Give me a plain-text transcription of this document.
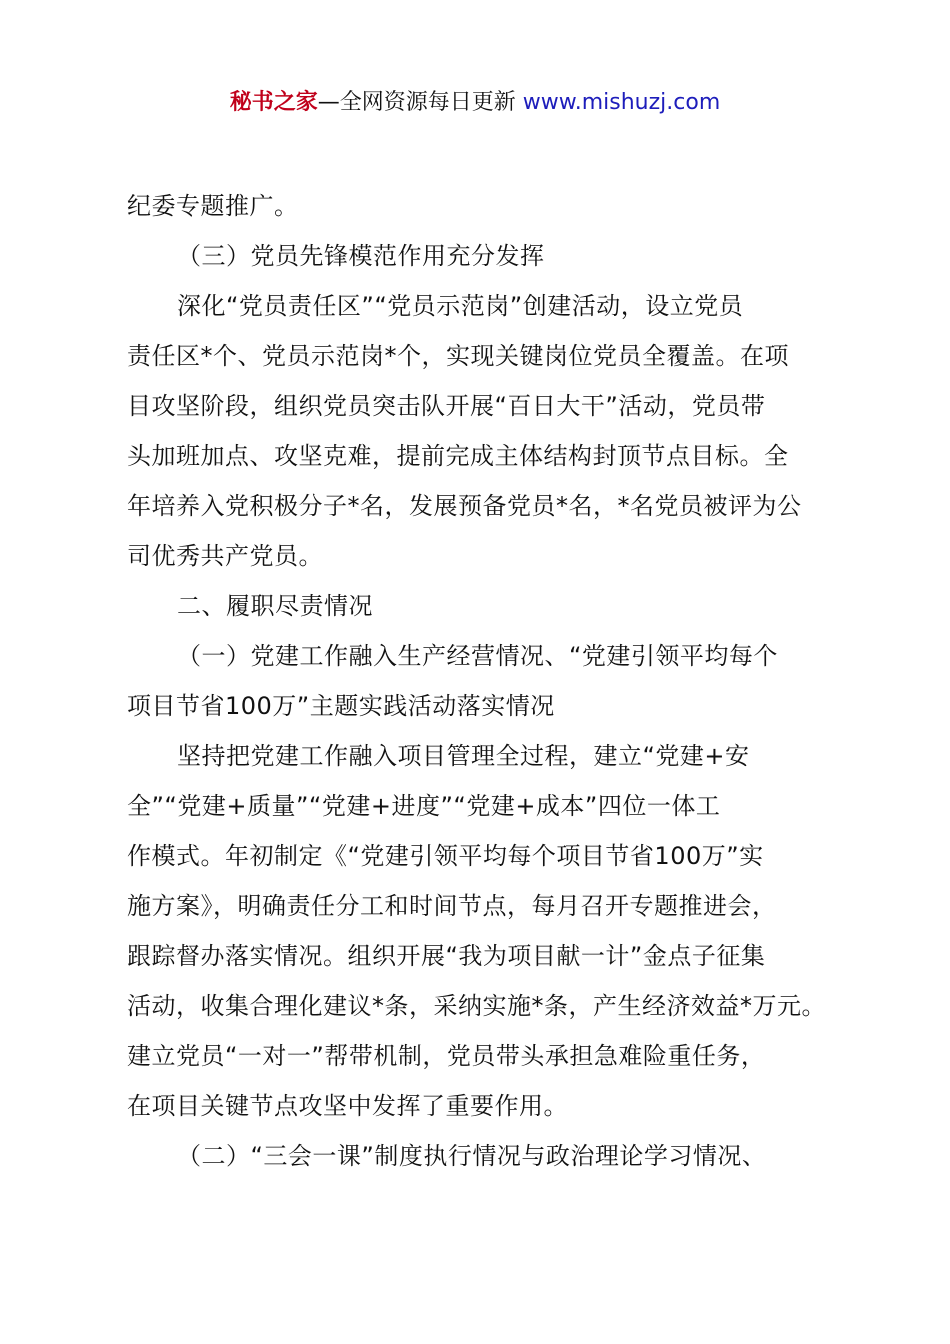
秘书之家—全网资源每日更新 www.mishuzj.com

纪委专题推广。

（三）党员先锋模范作用充分发挥

深化“党员责任区”“党员示范岗”创建活动，设立党员

责任区*个、党员示范岗*个，实现关键岗位党员全覆盖。在项

目攻坚阶段，组织党员突击队开展“百日大干”活动，党员带

头加班加点、攻坚克难，提前完成主体结构封顶节点目标。全

年培养入党积极分子*名，发展预备党员*名，*名党员被评为公

司优秀共产党员。

二、履职尽责情况

（一）党建工作融入生产经营情况、“党建引领平均每个

项目节省100万”主题实践活动落实情况

坚持把党建工作融入项目管理全过程，建立“党建+安

全”“党建+质量”“党建+进度”“党建+成本”四位一体工

作模式。年初制定《“党建引领平均每个项目节省100万”实

施方案》，明确责任分工和时间节点，每月召开专题推进会，

跟踪督办落实情况。组织开展“我为项目献一计”金点子征集

活动，收集合理化建议*条，采纳实施*条，产生经济效益*万元。

建立党员“一对一”帮带机制，党员带头承担急难险重任务，

在项目关键节点攻坚中发挥了重要作用。

（二）“三会一课”制度执行情况与政治理论学习情况、
